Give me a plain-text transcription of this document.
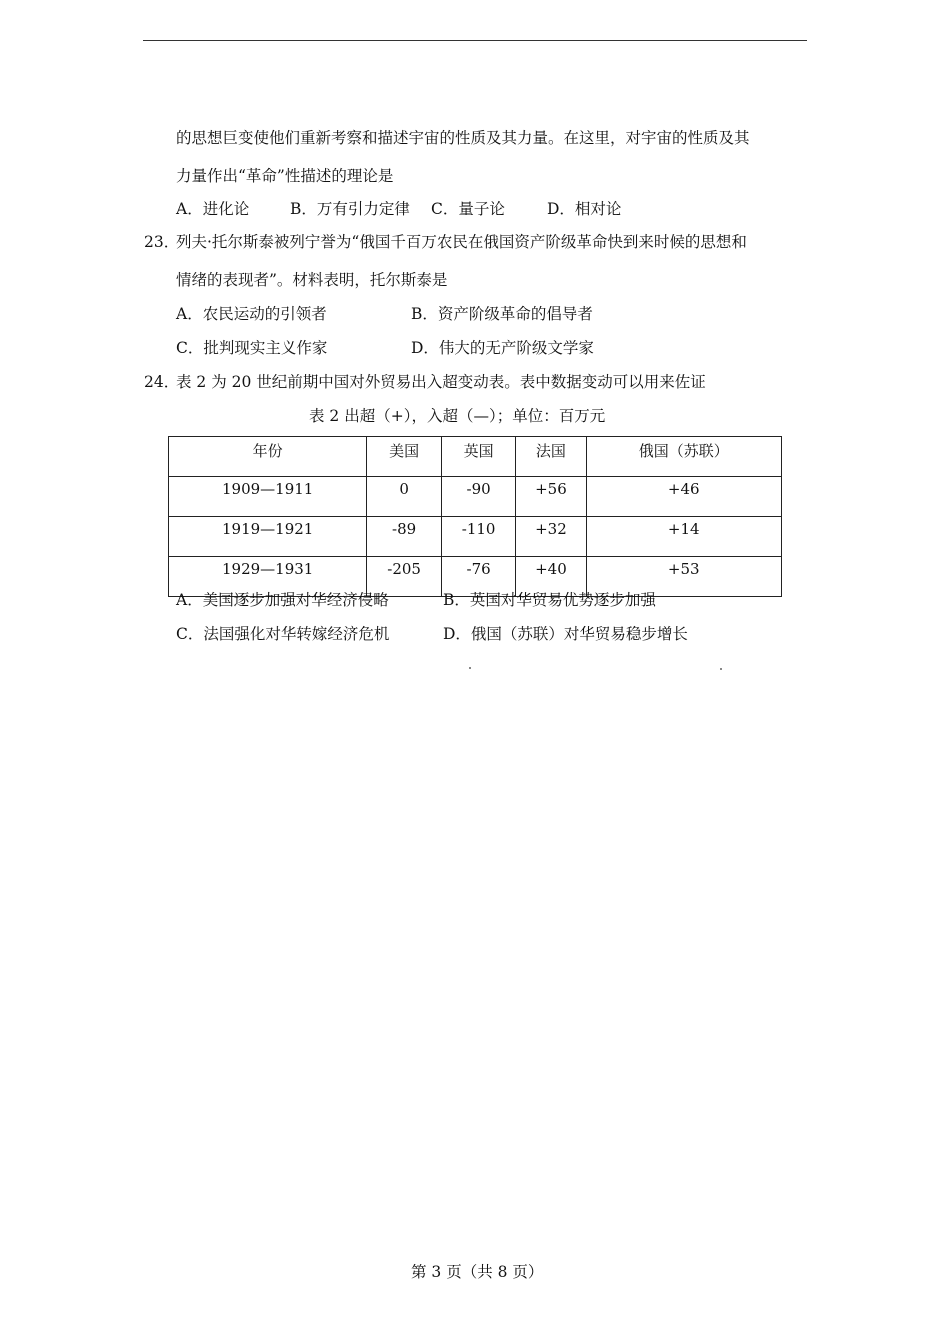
的思想巨变使他们重新考察和描述宇宙的性质及其力量。在这里，对宇宙的性质及其
力量作出“革命”性描述的理论是
A．进化论	B．万有引力定律 C．量子论	D．相对论
23．
列夫·托尔斯泰被列宁誉为“俄国千百万农民在俄国资产阶级革命快到来时候的思想和
情绪的表现者”。材料表明，托尔斯泰是
A．农民运动的引领者	B．资产阶级革命的倡导者
C．批判现实主义作家	D．伟大的无产阶级文学家
24．
表 2 为 20 世纪前期中国对外贸易出入超变动表。表中数据变动可以用来佐证
表 2 出超（+），入超（—）；单位：百万元
年份	美国	英国	法国	俄国（苏联）
1909—1911	0	-90	+56	+46
1919—1921	-89	-110	+32	+14
1929—1931	-205	-76	+40	+53
A．美国逐步加强对华经济侵略	B．英国对华贸易优势逐步加强
C．法国强化对华转嫁经济危机	D．俄国（苏联）对华贸易稳步增长
第 3 页（共 8 页）
